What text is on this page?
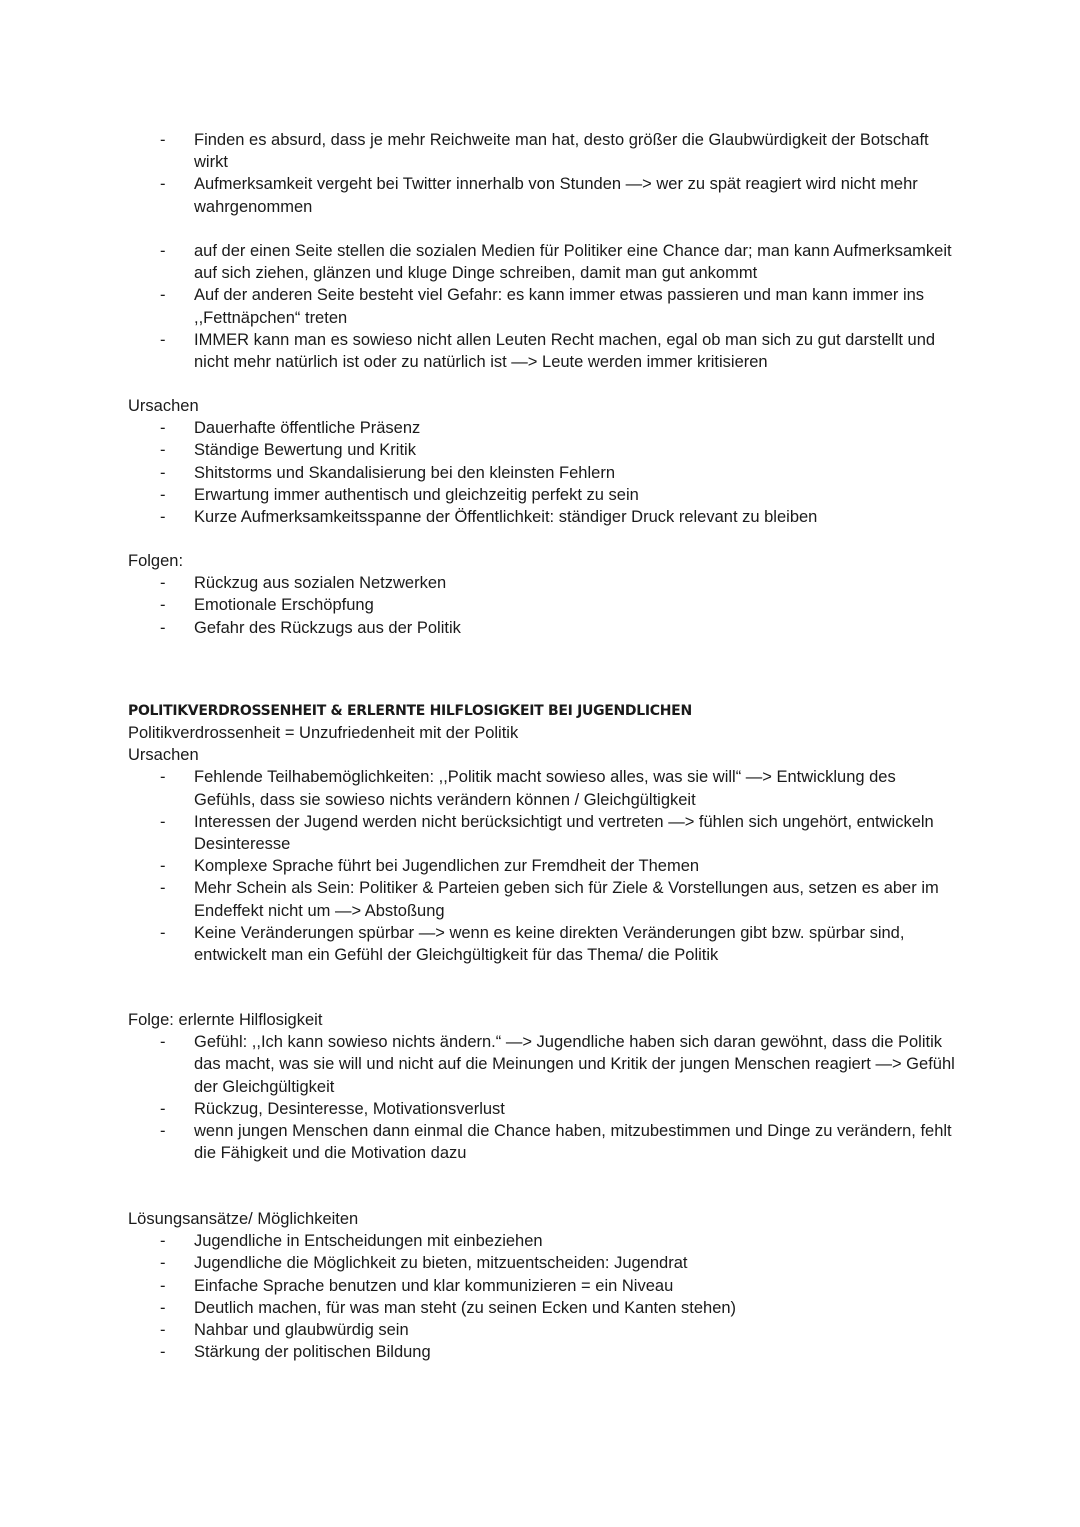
- Finden es absurd, dass je mehr Reichweite man hat, desto größer die Glaubwürdigkeit der Botschaft wirkt
- Aufmerksamkeit vergeht bei Twitter innerhalb von Stunden —> wer zu spät reagiert wird nicht mehr wahrgenommen
- auf der einen Seite stellen die sozialen Medien für Politiker eine Chance dar; man kann Aufmerksamkeit auf sich ziehen, glänzen und kluge Dinge schreiben, damit man gut ankommt
- Auf der anderen Seite besteht viel Gefahr: es kann immer etwas passieren und man kann immer ins ,,Fettnäpchen“ treten
- IMMER kann man es sowieso nicht allen Leuten Recht machen, egal ob man sich zu gut darstellt und nicht mehr natürlich ist oder zu natürlich ist —> Leute werden immer kritisieren

Ursachen

- Dauerhafte öffentliche Präsenz
- Ständige Bewertung und Kritik
- Shitstorms und Skandalisierung bei den kleinsten Fehlern
- Erwartung immer authentisch und gleichzeitig perfekt zu sein
- Kurze Aufmerksamkeitsspanne der Öffentlichkeit: ständiger Druck relevant zu bleiben

Folgen:

- Rückzug aus sozialen Netzwerken
- Emotionale Erschöpfung
- Gefahr des Rückzugs aus der Politik

POLITIKVERDROSSENHEIT & ERLERNTE HILFLOSIGKEIT BEI JUGENDLICHEN

Politikverdrossenheit = Unzufriedenheit mit der Politik

Ursachen

- Fehlende Teilhabemöglichkeiten: ,,Politik macht sowieso alles, was sie will“ —> Entwicklung des Gefühls, dass sie sowieso nichts verändern können / Gleichgültigkeit
- Interessen der Jugend werden nicht berücksichtigt und vertreten —> fühlen sich ungehört, entwickeln Desinteresse
- Komplexe Sprache führt bei Jugendlichen zur Fremdheit der Themen
- Mehr Schein als Sein: Politiker & Parteien geben sich für Ziele & Vorstellungen aus, setzen es aber im Endeffekt nicht um —> Abstoßung
- Keine Veränderungen spürbar —> wenn es keine direkten Veränderungen gibt bzw. spürbar sind, entwickelt man ein Gefühl der Gleichgültigkeit für das Thema/ die Politik

Folge: erlernte Hilflosigkeit

- Gefühl: ,,Ich kann sowieso nichts ändern.“ —> Jugendliche haben sich daran gewöhnt, dass die Politik das macht, was sie will und nicht auf die Meinungen und Kritik der jungen Menschen reagiert —> Gefühl der Gleichgültigkeit
- Rückzug, Desinteresse, Motivationsverlust
- wenn jungen Menschen dann einmal die Chance haben, mitzubestimmen und Dinge zu verändern, fehlt die Fähigkeit und die Motivation dazu

Lösungsansätze/ Möglichkeiten

- Jugendliche in Entscheidungen mit einbeziehen
- Jugendliche die Möglichkeit zu bieten, mitzuentscheiden: Jugendrat
- Einfache Sprache benutzen und klar kommunizieren = ein Niveau
- Deutlich machen, für was man steht (zu seinen Ecken und Kanten stehen)
- Nahbar und glaubwürdig sein
- Stärkung der politischen Bildung
